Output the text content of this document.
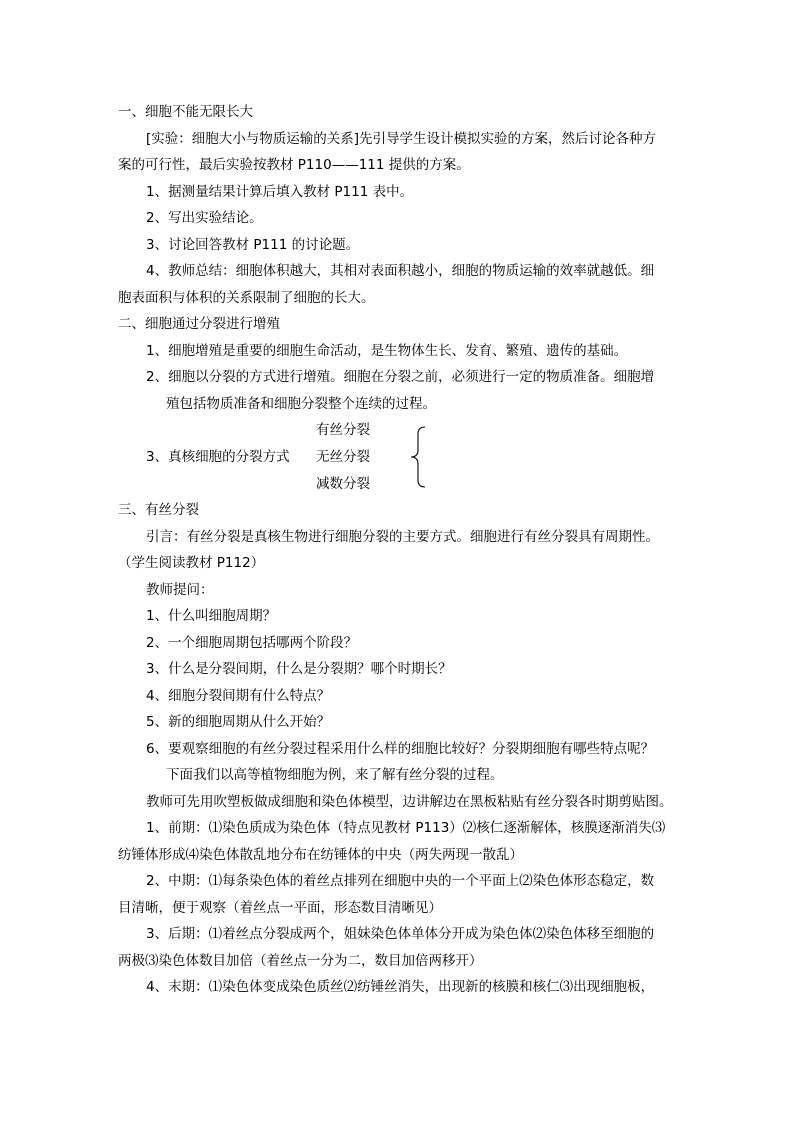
一、细胞不能无限长大
[实验：细胞大小与物质运输的关系]先引导学生设计模拟实验的方案，然后讨论各种方
案的可行性，最后实验按教材 P110——111 提供的方案。
1、据测量结果计算后填入教材 P111 表中。
2、写出实验结论。
3、讨论回答教材 P111 的讨论题。
4、教师总结：细胞体积越大，其相对表面积越小，细胞的物质运输的效率就越低。细
胞表面积与体积的关系限制了细胞的长大。
二、细胞通过分裂进行增殖
1、细胞增殖是重要的细胞生命活动，是生物体生长、发育、繁殖、遗传的基础。
2、细胞以分裂的方式进行增殖。细胞在分裂之前，必须进行一定的物质准备。细胞增
殖包括物质准备和细胞分裂整个连续的过程。
3、真核细胞的分裂方式
有丝分裂
无丝分裂
减数分裂
三、有丝分裂
引言：有丝分裂是真核生物进行细胞分裂的主要方式。细胞进行有丝分裂具有周期性。
（学生阅读教材 P112）
教师提问：
1、什么叫细胞周期？
2、一个细胞周期包括哪两个阶段？
3、什么是分裂间期，什么是分裂期？哪个时期长？
4、细胞分裂间期有什么特点？
5、新的细胞周期从什么开始？
6、要观察细胞的有丝分裂过程采用什么样的细胞比较好？分裂期细胞有哪些特点呢？
下面我们以高等植物细胞为例，来了解有丝分裂的过程。
教师可先用吹塑板做成细胞和染色体模型，边讲解边在黑板粘贴有丝分裂各时期剪贴图。
1、前期：⑴染色质成为染色体（特点见教材 P113）⑵核仁逐渐解体，核膜逐渐消失⑶
纺锤体形成⑷染色体散乱地分布在纺锤体的中央（两失两现一散乱）
2、中期：⑴每条染色体的着丝点排列在细胞中央的一个平面上⑵染色体形态稳定，数
目清晰，便于观察（着丝点一平面，形态数目清晰见）
3、后期：⑴着丝点分裂成两个，姐妹染色体单体分开成为染色体⑵染色体移至细胞的
两极⑶染色体数目加倍（着丝点一分为二，数目加倍两移开）
4、末期：⑴染色体变成染色质丝⑵纺锤丝消失，出现新的核膜和核仁⑶出现细胞板，
